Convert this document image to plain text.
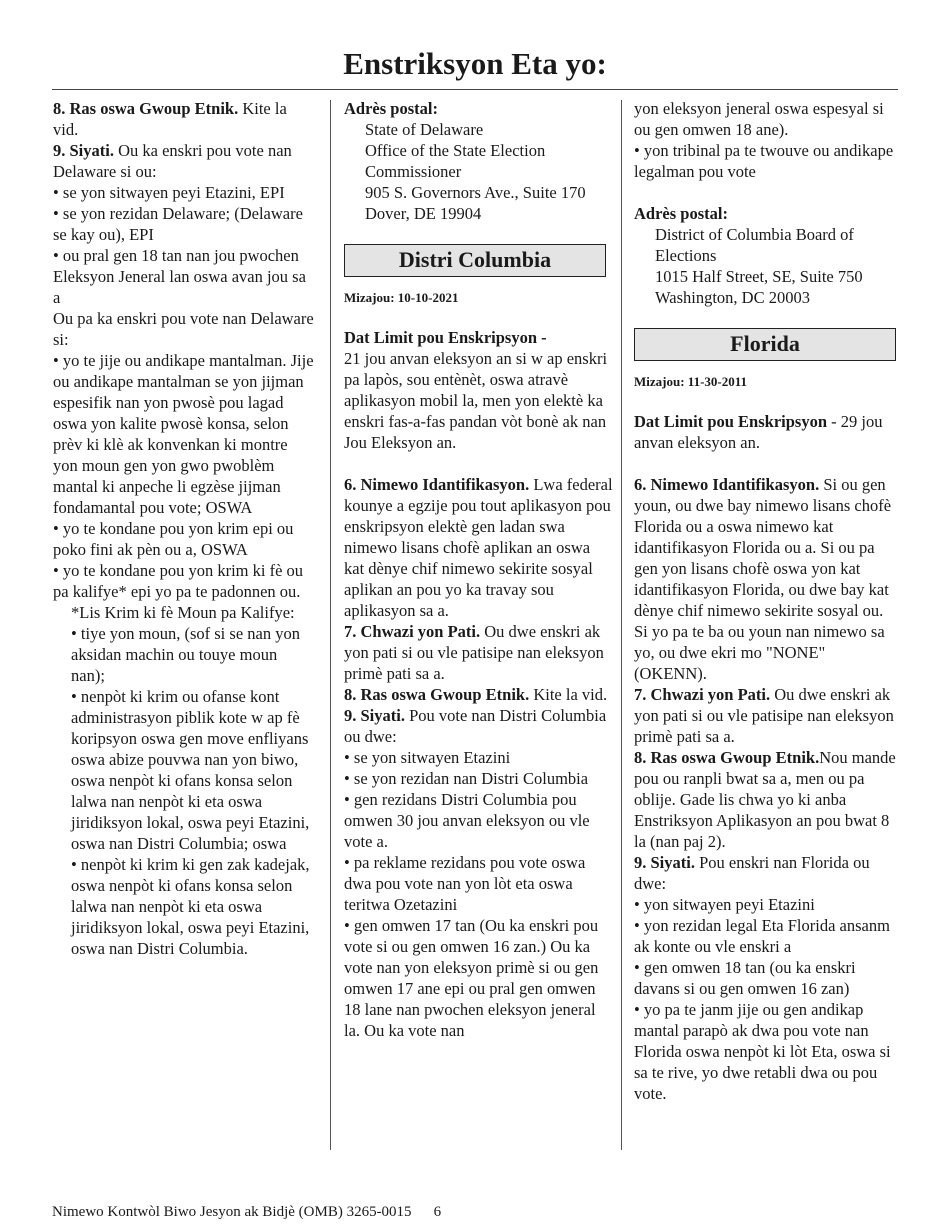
Enstriksyon Eta yo:

8. Ras oswa Gwoup Etnik. Kite la vid.

9. Siyati. Ou ka enskri pou vote nan Delaware si ou:

• se yon sitwayen peyi Etazini, EPI

• se yon rezidan Delaware; (Delaware se kay ou), EPI

• ou pral gen 18 tan nan jou pwochen Eleksyon Jeneral lan oswa avan jou sa a

Ou pa ka enskri pou vote nan Delaware si:

• yo te jije ou andikape mantalman. Jije ou andikape mantalman se yon jijman espesifik nan yon pwosè pou lagad oswa yon kalite pwosè konsa, selon prèv ki klè ak konvenkan ki montre yon moun gen yon gwo pwoblèm mantal ki anpeche li egzèse jijman fondamantal pou vote; OSWA

• yo te kondane pou yon krim epi ou poko fini ak pèn ou a, OSWA

• yo te kondane pou yon krim ki fè ou pa kalifye* epi yo pa te padonnen ou.

*Lis Krim ki fè Moun pa Kalifye:

• tiye yon moun, (sof si se nan yon aksidan machin ou touye moun nan);

• nenpòt ki krim ou ofanse kont administrasyon piblik kote w ap fè koripsyon oswa gen move enfliyans oswa abize pouvwa nan yon biwo, oswa nenpòt ki ofans konsa selon lalwa nan nenpòt ki eta oswa jiridiksyon lokal, oswa peyi Etazini, oswa nan Distri Columbia; oswa

• nenpòt ki krim ki gen zak kadejak, oswa nenpòt ki ofans konsa selon lalwa nan nenpòt ki eta oswa jiridiksyon lokal, oswa peyi Etazini, oswa nan Distri Columbia.

Adrès postal:

State of Delaware

Office of the State Election Commissioner

905 S. Governors Ave., Suite 170

Dover, DE 19904

Distri Columbia

Mizajou: 10-10-2021

Dat Limit pou Enskripsyon -

21 jou anvan eleksyon an si w ap enskri pa lapòs, sou entènèt, oswa atravè aplikasyon mobil la, men yon elektè ka enskri fas-a-fas pandan vòt bonè ak nan Jou Eleksyon an.

6. Nimewo Idantifikasyon. Lwa federal kounye a egzije pou tout aplikasyon pou enskripsyon elektè gen ladan swa nimewo lisans chofè aplikan an oswa kat dènye chif nimewo sekirite sosyal aplikan an pou yo ka travay sou aplikasyon sa a.

7. Chwazi yon Pati. Ou dwe enskri ak yon pati si ou vle patisipe nan eleksyon primè pati sa a.

8. Ras oswa Gwoup Etnik. Kite la vid.

9. Siyati. Pou vote nan Distri Columbia ou dwe:

• se yon sitwayen Etazini

• se yon rezidan nan Distri Columbia

• gen rezidans Distri Columbia pou omwen 30 jou anvan eleksyon ou vle vote a.

• pa reklame rezidans pou vote oswa dwa pou vote nan yon lòt eta oswa teritwa Ozetazini

• gen omwen 17 tan (Ou ka enskri pou vote si ou gen omwen 16 zan.) Ou ka vote nan yon eleksyon primè si ou gen omwen 17 ane epi ou pral gen omwen 18 lane nan pwochen eleksyon jeneral la. Ou ka vote nan

yon eleksyon jeneral oswa espesyal si ou gen omwen 18 ane).

• yon tribinal pa te twouve ou andikape legalman pou vote

Adrès postal:

District of Columbia Board of Elections

1015 Half Street, SE, Suite 750

Washington, DC 20003

Florida

Mizajou: 11-30-2011

Dat Limit pou Enskripsyon - 29 jou anvan eleksyon an.

6. Nimewo Idantifikasyon. Si ou gen youn, ou dwe bay nimewo lisans chofè Florida ou a oswa nimewo kat idantifikasyon Florida ou a. Si ou pa gen yon lisans chofè oswa yon kat idantifikasyon Florida, ou dwe bay kat dènye chif nimewo sekirite sosyal ou. Si yo pa te ba ou youn nan nimewo sa yo, ou dwe ekri mo "NONE" (OKENN).

7. Chwazi yon Pati. Ou dwe enskri ak yon pati si ou vle patisipe nan eleksyon primè pati sa a.

8. Ras oswa Gwoup Etnik.Nou mande pou ou ranpli bwat sa a, men ou pa oblije. Gade lis chwa yo ki anba Enstriksyon Aplikasyon an pou bwat 8 la (nan paj 2).

9. Siyati. Pou enskri nan Florida ou dwe:

• yon sitwayen peyi Etazini

• yon rezidan legal Eta Florida ansanm ak konte ou vle enskri a

• gen omwen 18 tan (ou ka enskri davans si ou gen omwen 16 zan)

• yo pa te janm jije ou gen andikap mantal parapò ak dwa pou vote nan Florida oswa nenpòt ki lòt Eta, oswa si sa te rive, yo dwe retabli dwa ou pou vote.

Nimewo Kontwòl Biwo Jesyon ak Bidjè (OMB) 3265-0015 6
